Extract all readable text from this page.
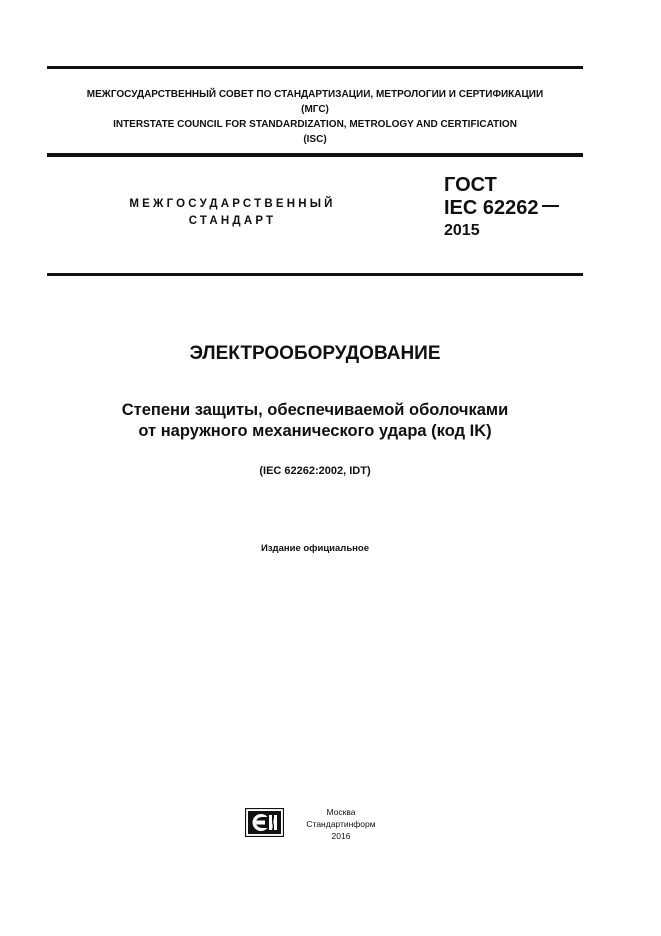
МЕЖГОСУДАРСТВЕННЫЙ СОВЕТ ПО СТАНДАРТИЗАЦИИ, МЕТРОЛОГИИ И СЕРТИФИКАЦИИ
(МГС)
INTERSTATE COUNCIL FOR STANDARDIZATION, METROLOGY AND CERTIFICATION
(ISC)
МЕЖГОСУДАРСТВЕННЫЙ
СТАНДАРТ
ГОСТ
IEC 62262
2015
ЭЛЕКТРООБОРУДОВАНИЕ
Степени защиты, обеспечиваемой оболочками
от наружного механического удара (код IK)
(IEC 62262:2002, IDT)
Издание официальное
Москва
Стандартинформ
2016
